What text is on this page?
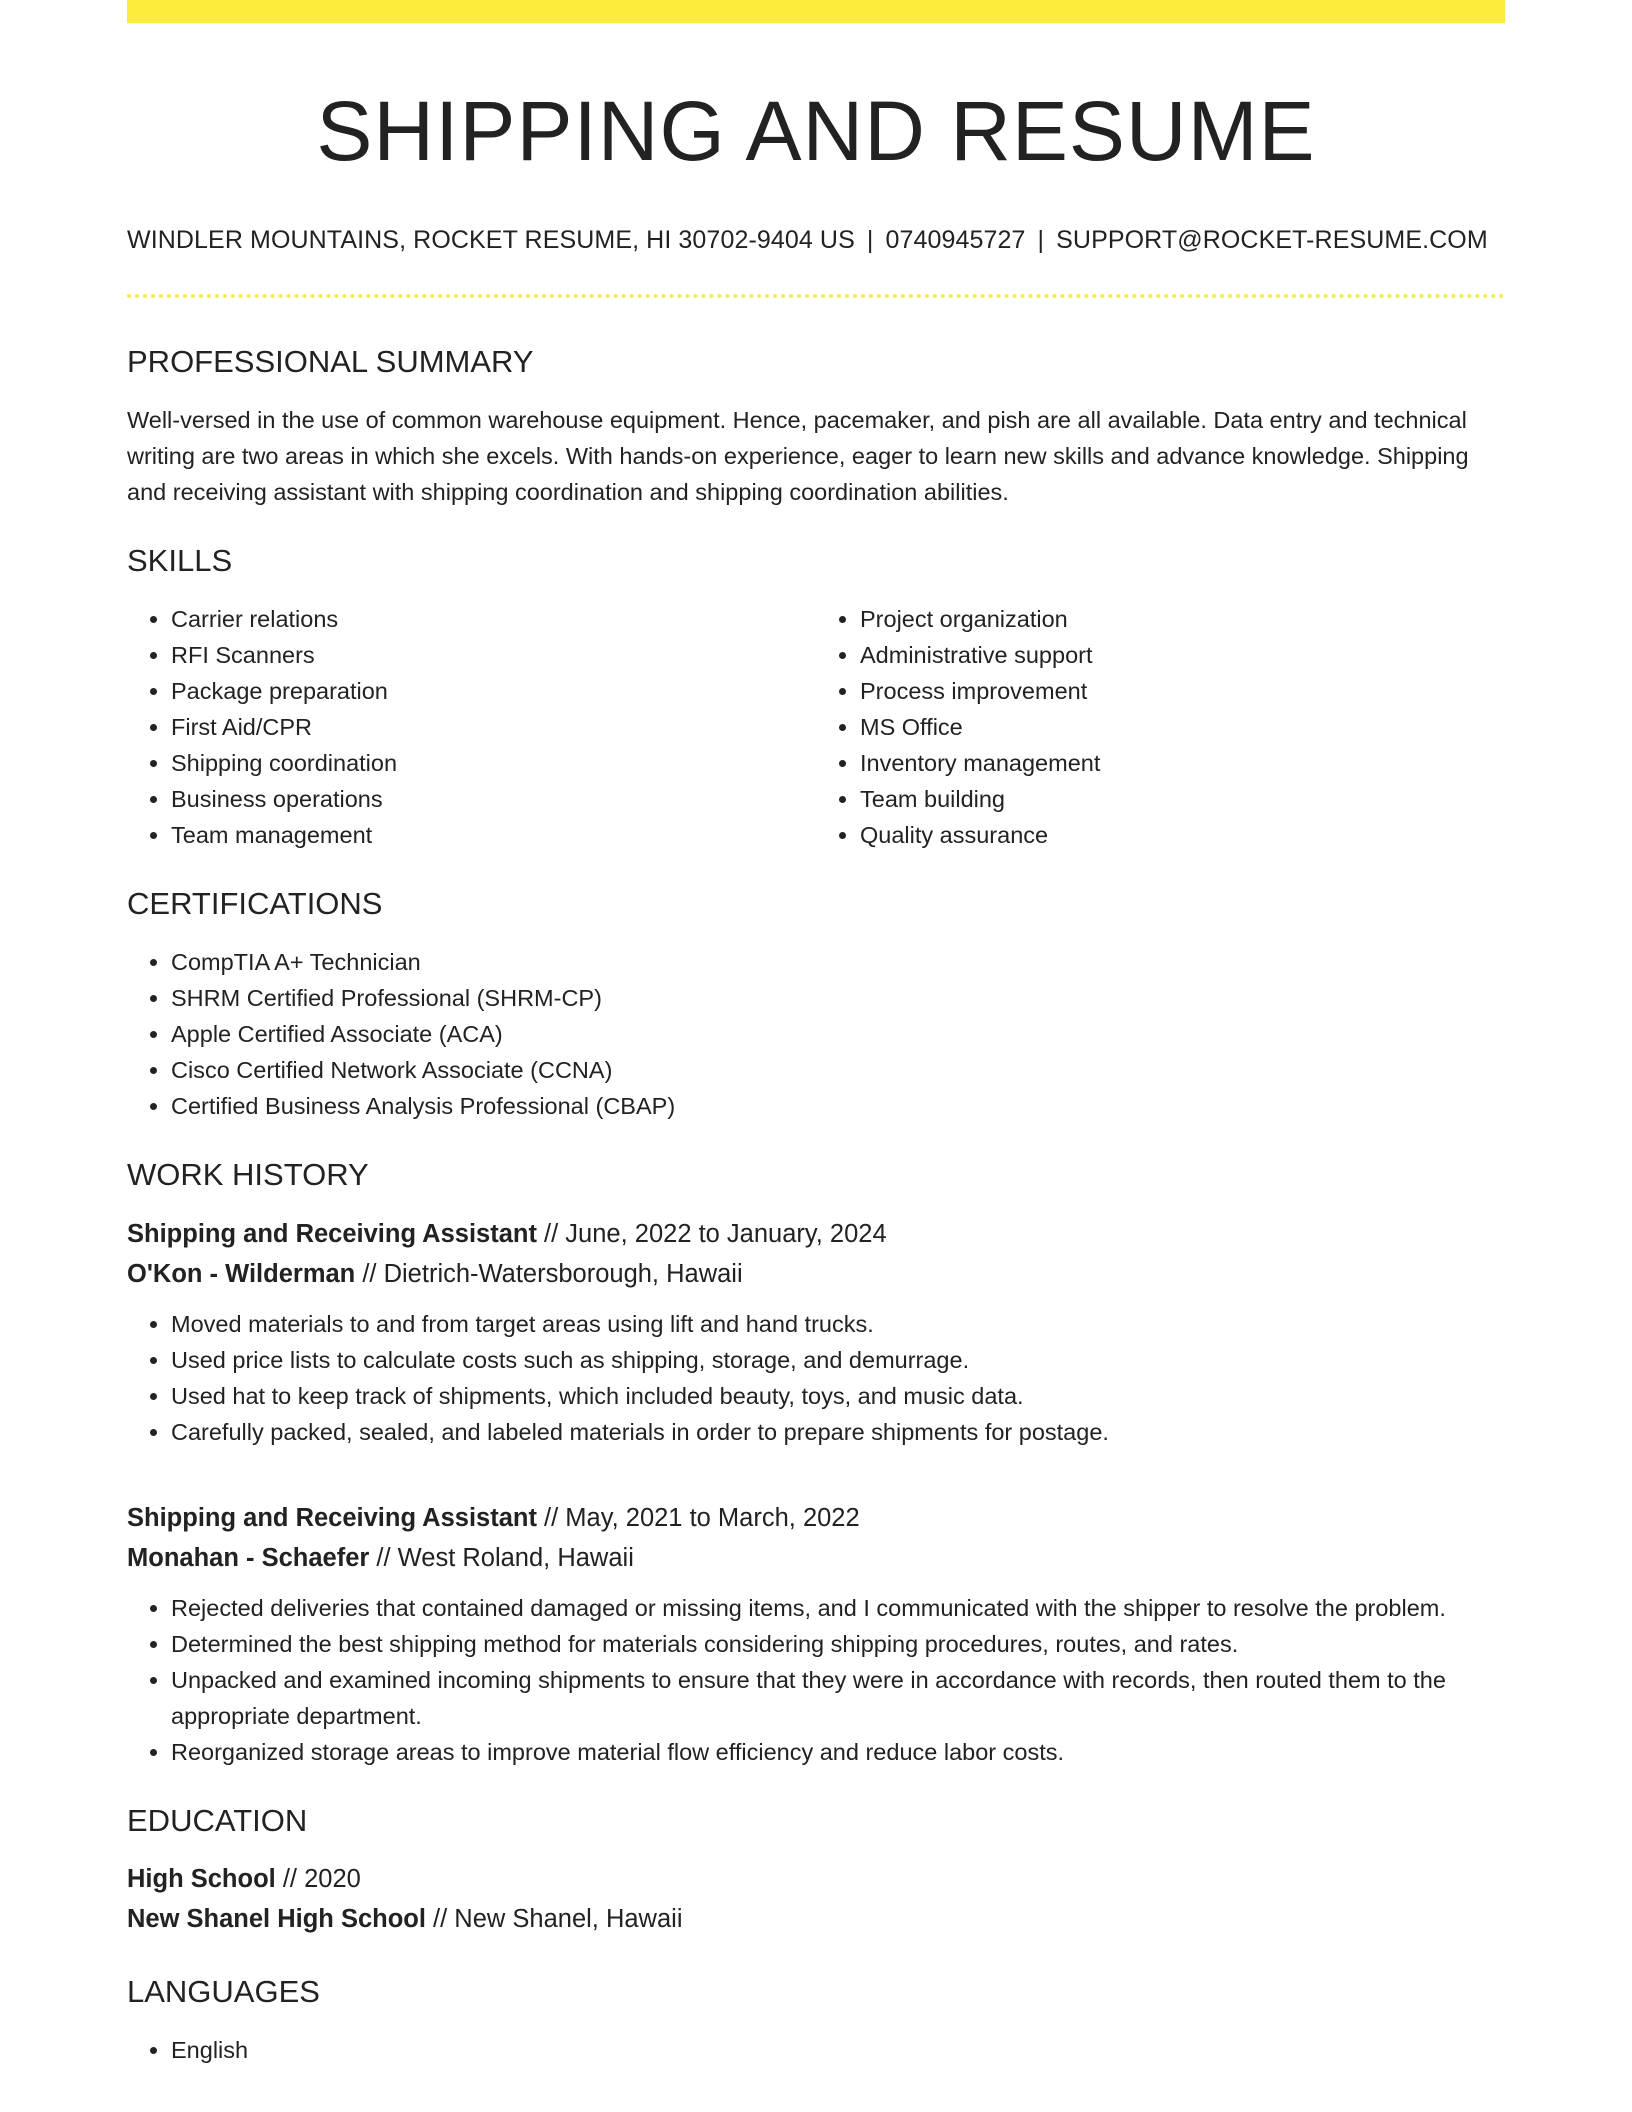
SHIPPING AND RESUME
WINDLER MOUNTAINS, ROCKET RESUME, HI 30702-9404 US | 0740945727 | SUPPORT@ROCKET-RESUME.COM
PROFESSIONAL SUMMARY

Well-versed in the use of common warehouse equipment. Hence, pacemaker, and pish are all available. Data entry and technical writing are two areas in which she excels. With hands-on experience, eager to learn new skills and advance knowledge. Shipping and receiving assistant with shipping coordination and shipping coordination abilities.

SKILLS
• Carrier relations
• RFI Scanners
• Package preparation
• First Aid/CPR
• Shipping coordination
• Business operations
• Team management
• Project organization
• Administrative support
• Process improvement
• MS Office
• Inventory management
• Team building
• Quality assurance
CERTIFICATIONS
• CompTIA A+ Technician
• SHRM Certified Professional (SHRM-CP)
• Apple Certified Associate (ACA)
• Cisco Certified Network Associate (CCNA)
• Certified Business Analysis Professional (CBAP)
WORK HISTORY
Shipping and Receiving Assistant // June, 2022 to January, 2024
O'Kon - Wilderman // Dietrich-Watersborough, Hawaii
• Moved materials to and from target areas using lift and hand trucks.
• Used price lists to calculate costs such as shipping, storage, and demurrage.
• Used hat to keep track of shipments, which included beauty, toys, and music data.
• Carefully packed, sealed, and labeled materials in order to prepare shipments for postage.
Shipping and Receiving Assistant // May, 2021 to March, 2022
Monahan - Schaefer // West Roland, Hawaii
• Rejected deliveries that contained damaged or missing items, and I communicated with the shipper to resolve the problem.
• Determined the best shipping method for materials considering shipping procedures, routes, and rates.
• Unpacked and examined incoming shipments to ensure that they were in accordance with records, then routed them to the appropriate department.
• Reorganized storage areas to improve material flow efficiency and reduce labor costs.
EDUCATION
High School // 2020
New Shanel High School // New Shanel, Hawaii
LANGUAGES
• English
